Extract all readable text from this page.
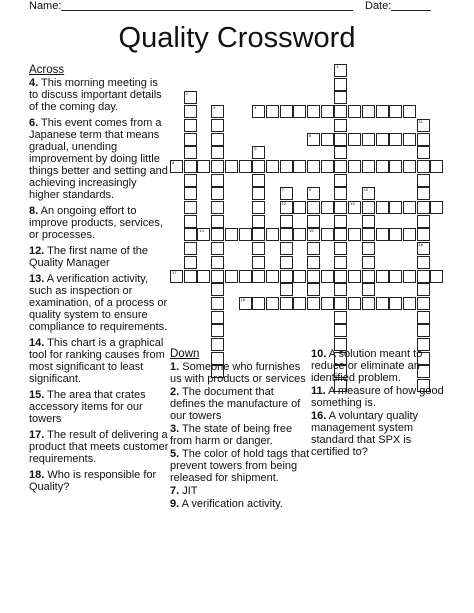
Name:	Date:
Quality Crossword
4
6
8
12	13
14	15
17
18
1
2
3
5
7	9	10
11
16
Across
4. This morning meeting is to discuss important details of the coming day.
6. This event comes from a Japanese term that means gradual, unending improvement by doing little things better and setting and achieving increasingly higher standards.
8. An ongoing effort to improve products, services, or processes.
12. The first name of the Quality Manager
13. A verification activity, such as inspection or examination, of a process or quality system to ensure compliance to requirements.
14. This chart is a graphical tool for ranking causes from most significant to least significant.
15. The area that crates accessory items for our towers
17. The result of delivering a product that meets customer requirements.
18. Who is responsible for Quality?
Down
1. Someone who furnishes us with products or services
2. The document that defines the manufacture of our towers
3. The state of being free from harm or danger.
5. The color of hold tags that prevent towers from being released for shipment.
7. JIT
9. A verification activity.
10. A solution meant to reduce or eliminate an identified problem.
11. A measure of how good something is.
16. A voluntary quality management system standard that SPX is certified to?
